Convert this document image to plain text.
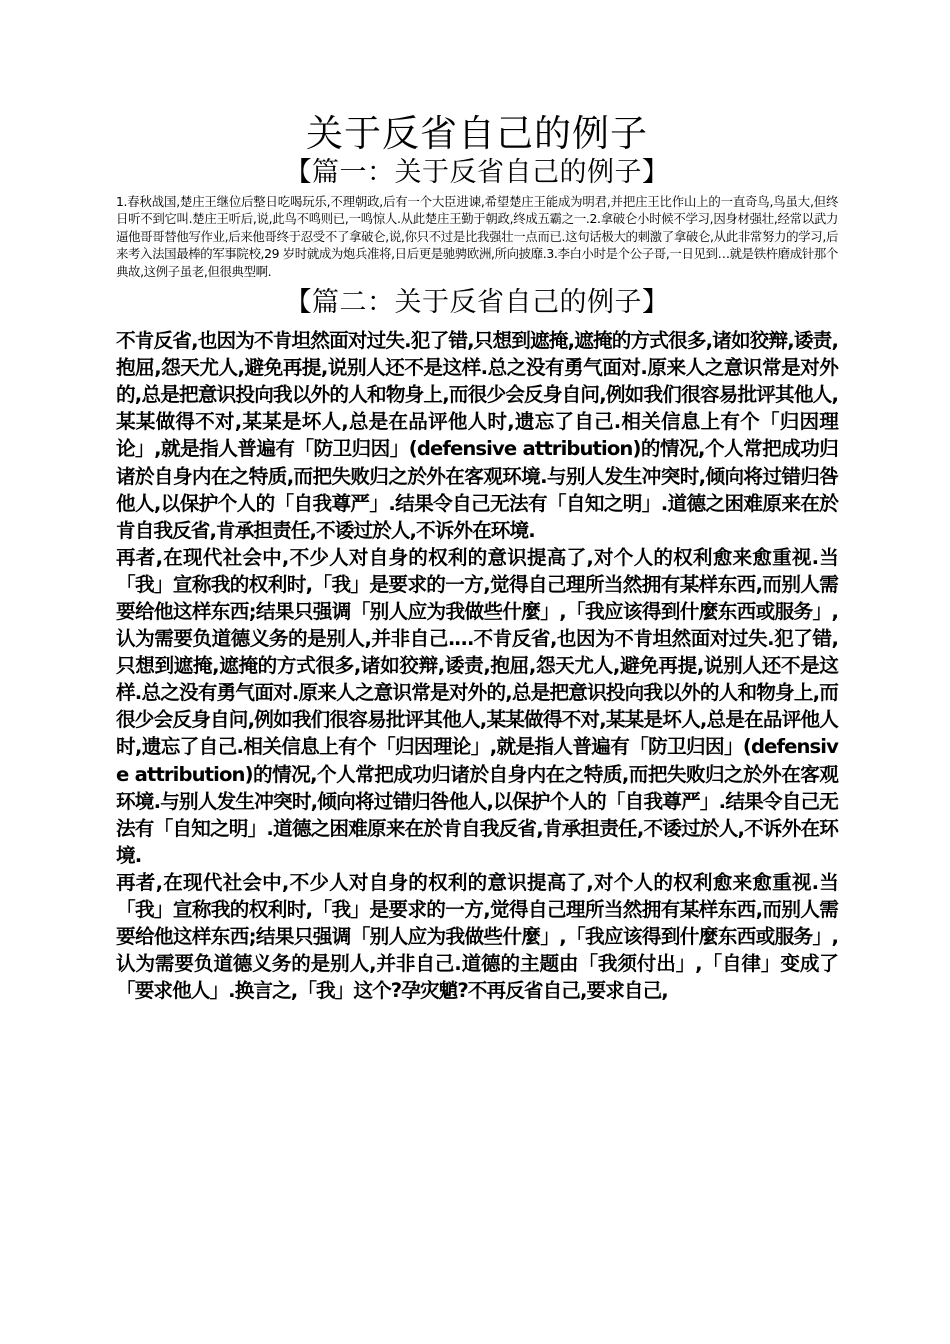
关于反省自己的例子
【篇一：关于反省自己的例子】
1.春秋战国,楚庄王继位后整日吃喝玩乐,不理朝政,后有一个大臣进谏,希望楚庄王能成为明君,并把庄王比作山上的一直奇鸟,鸟虽大,但终日听不到它叫.楚庄王听后,说,此鸟不鸣则已,一鸣惊人.从此楚庄王勤于朝政,终成五霸之一.2.拿破仑小时候不学习,因身材强壮,经常以武力逼他哥哥替他写作业,后来他哥终于忍受不了拿破仑,说,你只不过是比我强壮一点而已.这句话极大的刺激了拿破仑,从此非常努力的学习,后来考入法国最棒的军事院校,29 岁时就成为炮兵准将,日后更是驰骋欧洲,所向披靡.3.李白小时是个公子哥,一日见到…就是铁杵磨成针那个典故,这例子虽老,但很典型啊.
【篇二：关于反省自己的例子】

不肯反省,也因为不肯坦然面对过失.犯了错,只想到遮掩,遮掩的方式很多,诸如狡辩,诿责,抱屈,怨天尤人,避免再提,说别人还不是这样.总之没有勇气面对.原来人之意识常是对外的,总是把意识投向我以外的人和物身上,而很少会反身自问,例如我们很容易批评其他人,某某做得不对,某某是坏人,总是在品评他人时,遗忘了自己.相关信息上有个「归因理论」,就是指人普遍有「防卫归因」(defensive attribution)的情况,个人常把成功归诸於自身内在之特质,而把失败归之於外在客观环境.与别人发生冲突时,倾向将过错归咎他人,以保护个人的「自我尊严」.结果令自己无法有「自知之明」.道德之困难原来在於肯自我反省,肯承担责任,不诿过於人,不诉外在环境.

再者,在现代社会中,不少人对自身的权利的意识提高了,对个人的权利愈来愈重视.当「我」宣称我的权利时,「我」是要求的一方,觉得自己理所当然拥有某样东西,而别人需要给他这样东西;结果只强调「别人应为我做些什麼」,「我应该得到什麼东西或服务」,认为需要负道德义务的是别人,并非自己.…不肯反省,也因为不肯坦然面对过失.犯了错,只想到遮掩,遮掩的方式很多,诸如狡辩,诿责,抱屈,怨天尤人,避免再提,说别人还不是这样.总之没有勇气面对.原来人之意识常是对外的,总是把意识投向我以外的人和物身上,而很少会反身自问,例如我们很容易批评其他人,某某做得不对,某某是坏人,总是在品评他人时,遗忘了自己.相关信息上有个「归因理论」,就是指人普遍有「防卫归因」(defensive attribution)的情况,个人常把成功归诸於自身内在之特质,而把失败归之於外在客观环境.与别人发生冲突时,倾向将过错归咎他人,以保护个人的「自我尊严」.结果令自己无法有「自知之明」.道德之困难原来在於肯自我反省,肯承担责任,不诿过於人,不诉外在环境.

再者,在现代社会中,不少人对自身的权利的意识提高了,对个人的权利愈来愈重视.当「我」宣称我的权利时,「我」是要求的一方,觉得自己理所当然拥有某样东西,而别人需要给他这样东西;结果只强调「别人应为我做些什麼」,「我应该得到什麼东西或服务」,认为需要负道德义务的是别人,并非自己.道德的主题由「我须付出」,「自律」变成了「要求他人」.换言之,「我」这个?孕灾魈?不再反省自己,要求自己,
